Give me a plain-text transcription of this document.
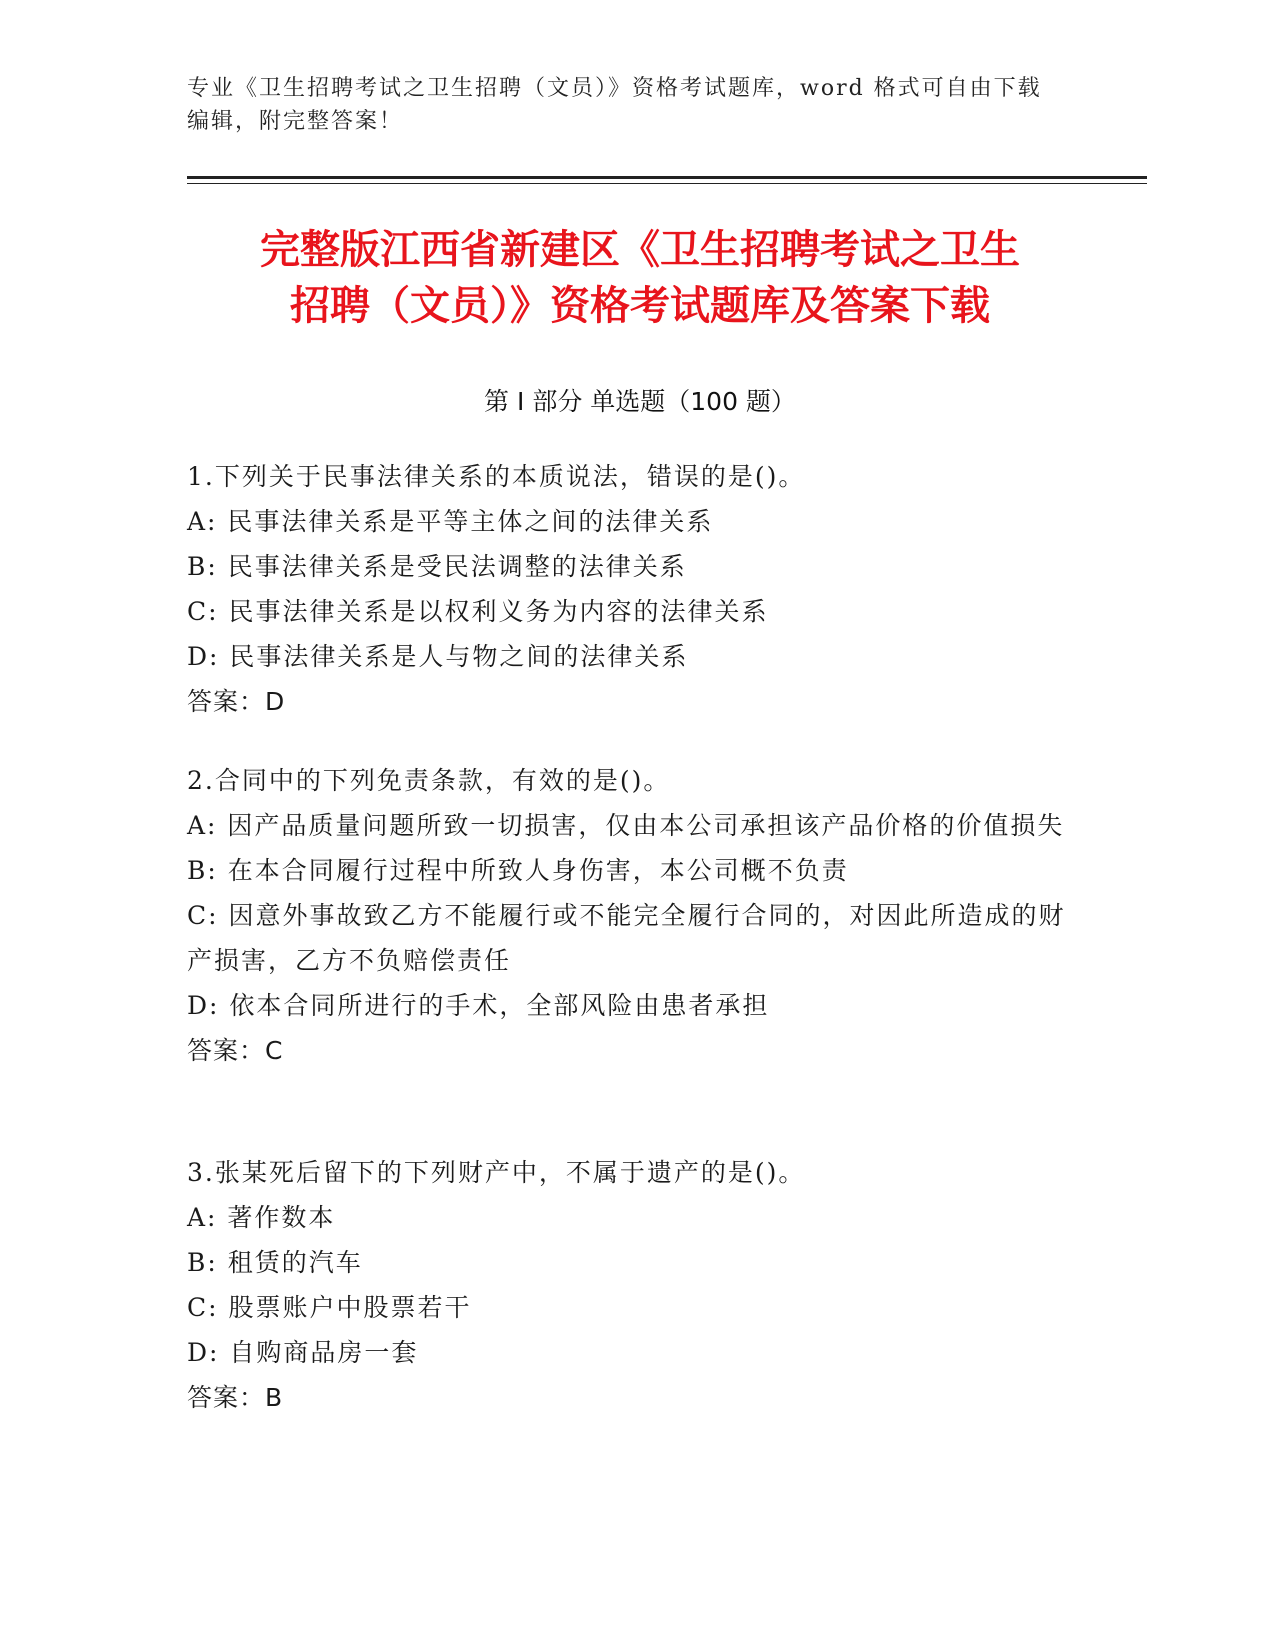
专业《卫生招聘考试之卫生招聘（文员）》资格考试题库，word 格式可自由下载
编辑，附完整答案！
完整版江西省新建区《卫生招聘考试之卫生
招聘（文员）》资格考试题库及答案下载
第 I 部分 单选题（100 题）
1.下列关于民事法律关系的本质说法，错误的是()。
A: 民事法律关系是平等主体之间的法律关系
B: 民事法律关系是受民法调整的法律关系
C: 民事法律关系是以权利义务为内容的法律关系
D: 民事法律关系是人与物之间的法律关系
答案：D
2.合同中的下列免责条款，有效的是()。
A: 因产品质量问题所致一切损害，仅由本公司承担该产品价格的价值损失
B: 在本合同履行过程中所致人身伤害，本公司概不负责
C: 因意外事故致乙方不能履行或不能完全履行合同的，对因此所造成的财产损害，乙方不负赔偿责任
D: 依本合同所进行的手术，全部风险由患者承担
答案：C
3.张某死后留下的下列财产中，不属于遗产的是()。
A: 著作数本
B: 租赁的汽车
C: 股票账户中股票若干
D: 自购商品房一套
答案：B
